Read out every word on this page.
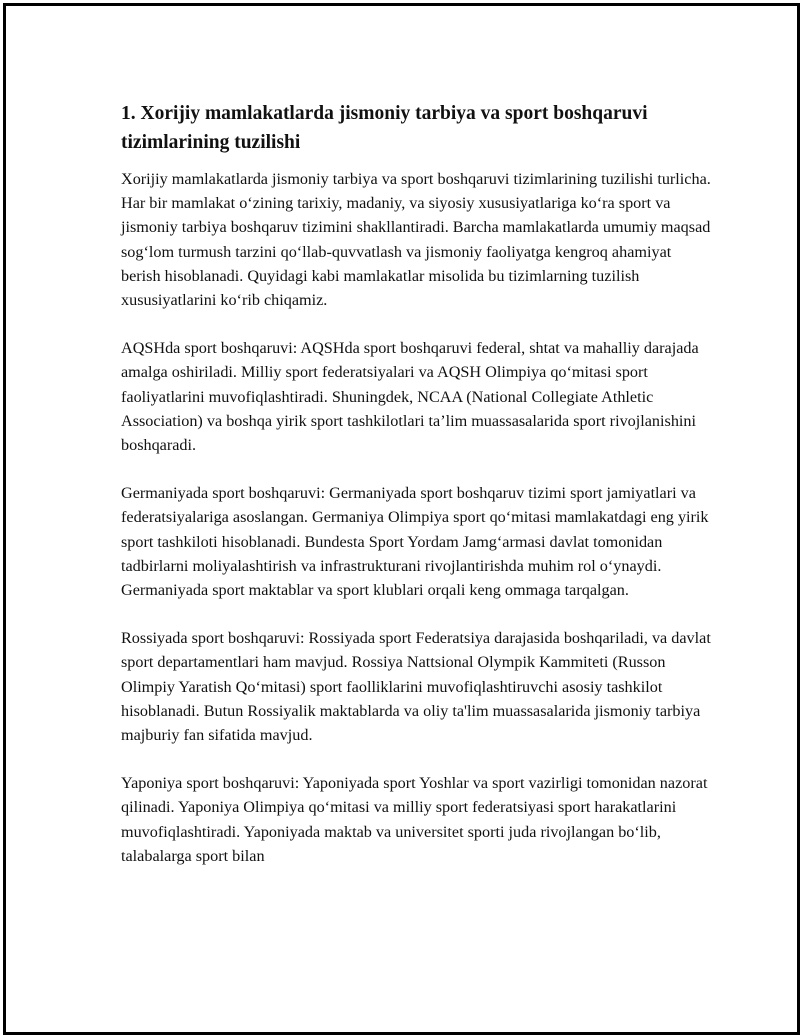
1. Xorijiy mamlakatlarda jismoniy tarbiya va sport boshqaruvi tizimlarining tuzilishi

Xorijiy mamlakatlarda jismoniy tarbiya va sport boshqaruvi tizimlarining tuzilishi turlicha. Har bir mamlakat o‘zining tarixiy, madaniy, va siyosiy xususiyatlariga ko‘ra sport va jismoniy tarbiya boshqaruv tizimini shakllantiradi. Barcha mamlakatlarda umumiy maqsad sog‘lom turmush tarzini qo‘llab-quvvatlash va jismoniy faoliyatga kengroq ahamiyat berish hisoblanadi. Quyidagi kabi mamlakatlar misolida bu tizimlarning tuzilish xususiyatlarini ko‘rib chiqamiz.

AQSHda sport boshqaruvi: AQSHda sport boshqaruvi federal, shtat va mahalliy darajada amalga oshiriladi. Milliy sport federatsiyalari va AQSH Olimpiya qo‘mitasi sport faoliyatlarini muvofiqlashtiradi. Shuningdek, NCAA (National Collegiate Athletic Association) va boshqa yirik sport tashkilotlari ta’lim muassasalarida sport rivojlanishini boshqaradi.

Germaniyada sport boshqaruvi: Germaniyada sport boshqaruv tizimi sport jamiyatlari va federatsiyalariga asoslangan. Germaniya Olimpiya sport qo‘mitasi mamlakatdagi eng yirik sport tashkiloti hisoblanadi. Bundesta Sport Yordam Jamg‘armasi davlat tomonidan tadbirlarni moliyalashtirish va infrastrukturani rivojlantirishda muhim rol o‘ynaydi. Germaniyada sport maktablar va sport klublari orqali keng ommaga tarqalgan.

Rossiyada sport boshqaruvi: Rossiyada sport Federatsiya darajasida boshqariladi, va davlat sport departamentlari ham mavjud. Rossiya Nattsional Olympik Kammiteti (Russon Olimpiy Yaratish Qo‘mitasi) sport faolliklarini muvofiqlashtiruvchi asosiy tashkilot hisoblanadi. Butun Rossiyalik maktablarda va oliy ta'lim muassasalarida jismoniy tarbiya majburiy fan sifatida mavjud.

Yaponiya sport boshqaruvi: Yaponiyada sport Yoshlar va sport vazirligi tomonidan nazorat qilinadi. Yaponiya Olimpiya qo‘mitasi va milliy sport federatsiyasi sport harakatlarini muvofiqlashtiradi. Yaponiyada maktab va universitet sporti juda rivojlangan bo‘lib, talabalarga sport bilan
